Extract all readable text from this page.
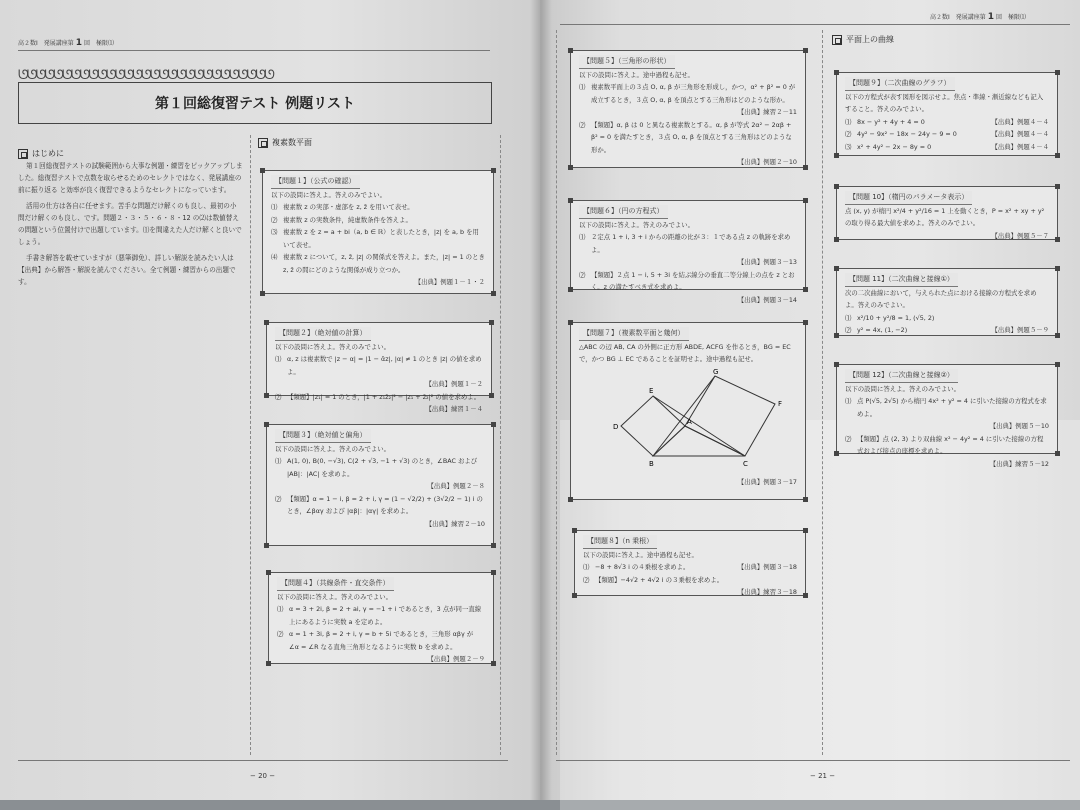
高２数Ⅰ　発展講座第 1 回　極限⑴
ᘎᘎᘎᘎᘎᘎᘎᘎᘎᘎᘎᘎᘎᘎᘎᘎᘎᘎᘎᘎᘎᘎᘎᘎᘎᘎᘎᘎᘎ
第１回総復習テスト 例題リスト
はじめに

第１回総復習テストの試験範囲から大事な例題・練習をピックアップしました。総復習テストで点数を取らせるためのセレクトではなく、発展講座の前に振り返る と効率が良く復習できるようなセレクトになっています。

活用の仕方は各自に任せます。苦手な問題だけ解くのも良し、最初の小問だけ解くのも良し、です。問題２・３・５・６・８・12 の⑵は数値替えの問題という位置付けで出題しています。⑴を間違えた人だけ解くと良いでしょう。

手書き解答を載せていますが（悪筆御免）、詳しい解説を読みたい人は【出典】から解答・解説を読んでください。全て例題・練習からの出題です。

複素数平面
【問題１】（公式の確認）
以下の設問に答えよ。答えのみでよい。
⑴ 複素数 z の実部・虚部を z, z̄ を用いて表せ。
⑵ 複素数 z の実数条件，純虚数条件を答えよ。
⑶ 複素数 z を z = a + bi（a, b ∈ ℝ）と表したとき，|z| を a, b を用いて表せ。
⑷ 複素数 z について，z, z̄, |z| の関係式を答えよ。また，|z| = 1 のとき z, z̄ の間にどのような関係が成り立つか。
【出典】例題１－１・２
【問題２】（絶対値の計算）
以下の設問に答えよ。答えのみでよい。
⑴ α, z は複素数で |z − α| = |1 − ᾱz|, |α| ≠ 1 のとき |z| の値を求めよ。
【出典】例題１－２
⑵ 【類題】|z₁| = 1 のとき，|1 + z₁z̄₂|² − |z₁ + z̄₂|² の値を求めよ。
【出典】練習１－４
【問題３】（絶対値と偏角）
以下の設問に答えよ。答えのみでよい。
⑴ A(1, 0), B(0, −√3), C(2 + √3, −1 + √3) のとき，∠BAC および |AB|：|AC| を求めよ。
【出典】例題２－８
⑵ 【類題】α = 1 − i, β = 2 + i, γ = (1 − √2/2) + (3√2/2 − 1) i のとき，∠βαγ および |αβ|：|αγ| を求めよ。
【出典】練習２－10
【問題４】（共線条件・直交条件）
以下の設問に答えよ。答えのみでよい。
⑴ α = 3 + 2i, β = 2 + ai, γ = −1 + i であるとき，3 点が同一直線上にあるように実数 a を定めよ。
⑵ α = 1 + 3i, β = 2 + i, γ = b + 5i であるとき，三角形 αβγ が ∠α = ∠R なる直角三角形となるように実数 b を求めよ。
【出典】例題２－９
− 20 −
高２数Ⅰ　発展講座第 1 回　極限⑴
【問題５】（三角形の形状）
以下の設問に答えよ。途中過程も記せ。
⑴ 複素数平面上の３点 O, α, β が三角形を形成し，かつ，α² + β² = 0 が成立するとき，３点 O, α, β を頂点とする三角形はどのような形か。
【出典】練習２－11
⑵ 【類題】α, β は 0 と異なる複素数とする。α, β が等式 2α² − 2αβ + β² = 0 を満たすとき，３点 O, α, β を頂点とする三角形はどのような形か。
【出典】例題２－10
【問題６】（円の方程式）
以下の設問に答えよ。答えのみでよい。
⑴ ２定点 1 + i, 3 + i からの距離の比が３：１である点 z の軌跡を求めよ。
【出典】例題３－13
⑵ 【類題】２点 1 − i, 5 + 3i を結ぶ線分の垂直二等分線上の点を z とおく。z の満たすべき式を求めよ。
【出典】例題３－14
【問題７】（複素数平面と幾何）
△ABC の辺 AB, CA の外側に正方形 ABDE, ACFG を作るとき，BG = EC で，かつ BG ⊥ EC であることを証明せよ。途中過程も記せ。
G
E
F
D
A
B	C
【出典】例題３－17
【問題８】（n 乗根）
以下の設問に答えよ。途中過程も記せ。
⑴ −8 + 8√3 i の４乗根を求めよ。	【出典】例題３－18
⑵ 【類題】−4√2 + 4√2 i の３乗根を求めよ。
【出典】練習３－18
平面上の曲線
【問題９】（二次曲線のグラフ）
以下の方程式が表す図形を図示せよ。焦点・準線・漸近線なども記入すること。答えのみでよい。
⑴ 8x − y² + 4y + 4 = 0	【出典】例題４－４
⑵ 4y² − 9x² − 18x − 24y − 9 = 0	【出典】例題４－４
⑶ x² + 4y² − 2x − 8y = 0	【出典】例題４－４
【問題 10】（楕円のパラメータ表示）
点 (x, y) が楕円 x²/4 + y²/16 = 1 上を動くとき，P = x² + xy + y² の取り得る最大値を求めよ。答えのみでよい。
【出典】例題５－７
【問題 11】（二次曲線と接線①）
次の二次曲線において，与えられた点における接線の方程式を求めよ。答えのみでよい。
⑴ x²/10 + y²/8 = 1, (√5, 2)
⑵ y² = 4x, (1, −2)	【出典】例題５－９
【問題 12】（二次曲線と接線②）
以下の設問に答えよ。答えのみでよい。
⑴ 点 P(√5, 2√5) から楕円 4x² + y² = 4 に引いた接線の方程式を求めよ。
【出典】例題５－10
⑵ 【類題】点 (2, 3) より双曲線 x² − 4y² = 4 に引いた接線の方程式および接点の座標を求めよ。
【出典】練習５－12
− 21 −
